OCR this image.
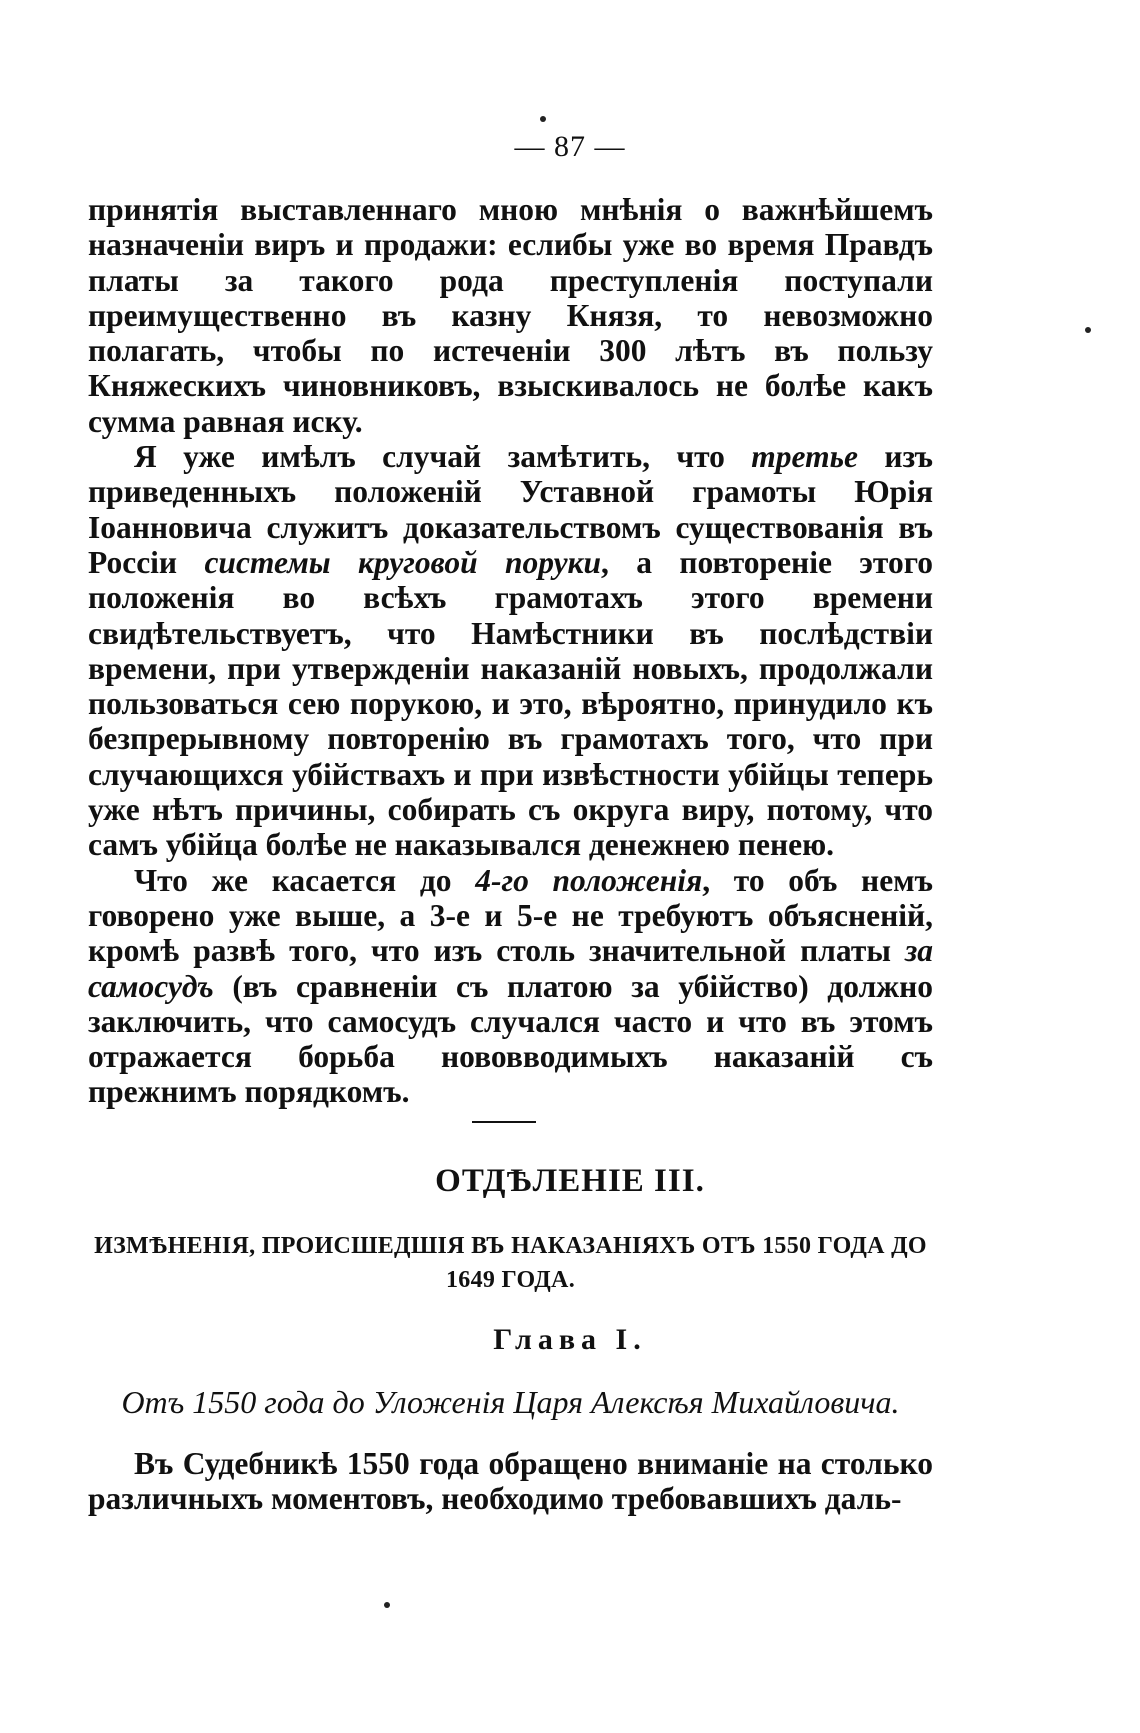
— 87 —

принятія выставленнаго мною мнѣнія о важнѣйшемъ назначеніи виръ и продажи: еслибы уже во время Правдъ платы за такого рода преступленія поступали преимущественно въ казну Князя, то невозможно полагать, чтобы по истеченіи 300 лѣтъ въ пользу Княжескихъ чиновниковъ, взыскивалось не болѣе какъ сумма равная иску.

Я уже имѣлъ случай замѣтить, что третье изъ приведенныхъ положеній Уставной грамоты Юрія Іоанновича служитъ доказательствомъ существованія въ Россіи системы круговой поруки, а повтореніе этого положенія во всѣхъ грамотахъ этого времени свидѣтельствуетъ, что Намѣстники въ послѣдствіи времени, при утвержденіи наказаній новыхъ, продолжали пользоваться сею порукою, и это, вѣроятно, принудило къ безпрерывному повторенію въ грамотахъ того, что при случающихся убійствахъ и при извѣстности убійцы теперь уже нѣтъ причины, собирать съ округа виру, потому, что самъ убійца болѣе не наказывался денежнею пенею.

Что же касается до 4-го положенія, то объ немъ говорено уже выше, а 3-е и 5-е не требуютъ объясненій, кромѣ развѣ того, что изъ столь значительной платы за самосудъ (въ сравненіи съ платою за убійство) должно заключить, что самосудъ случался часто и что въ этомъ отражается борьба нововводимыхъ наказаній съ прежнимъ порядкомъ.

ОТДѢЛЕНІЕ III.
ИЗМѢНЕНІЯ, ПРОИСШЕДШІЯ ВЪ НАКАЗАНІЯХЪ ОТЪ 1550 ГОДА ДО 1649 ГОДА.
Глава I.
Отъ 1550 года до Уложенія Царя Алексѣя Михайловича.

Въ Судебникѣ 1550 года обращено вниманіе на столько различныхъ моментовъ, необходимо требовавшихъ даль-
